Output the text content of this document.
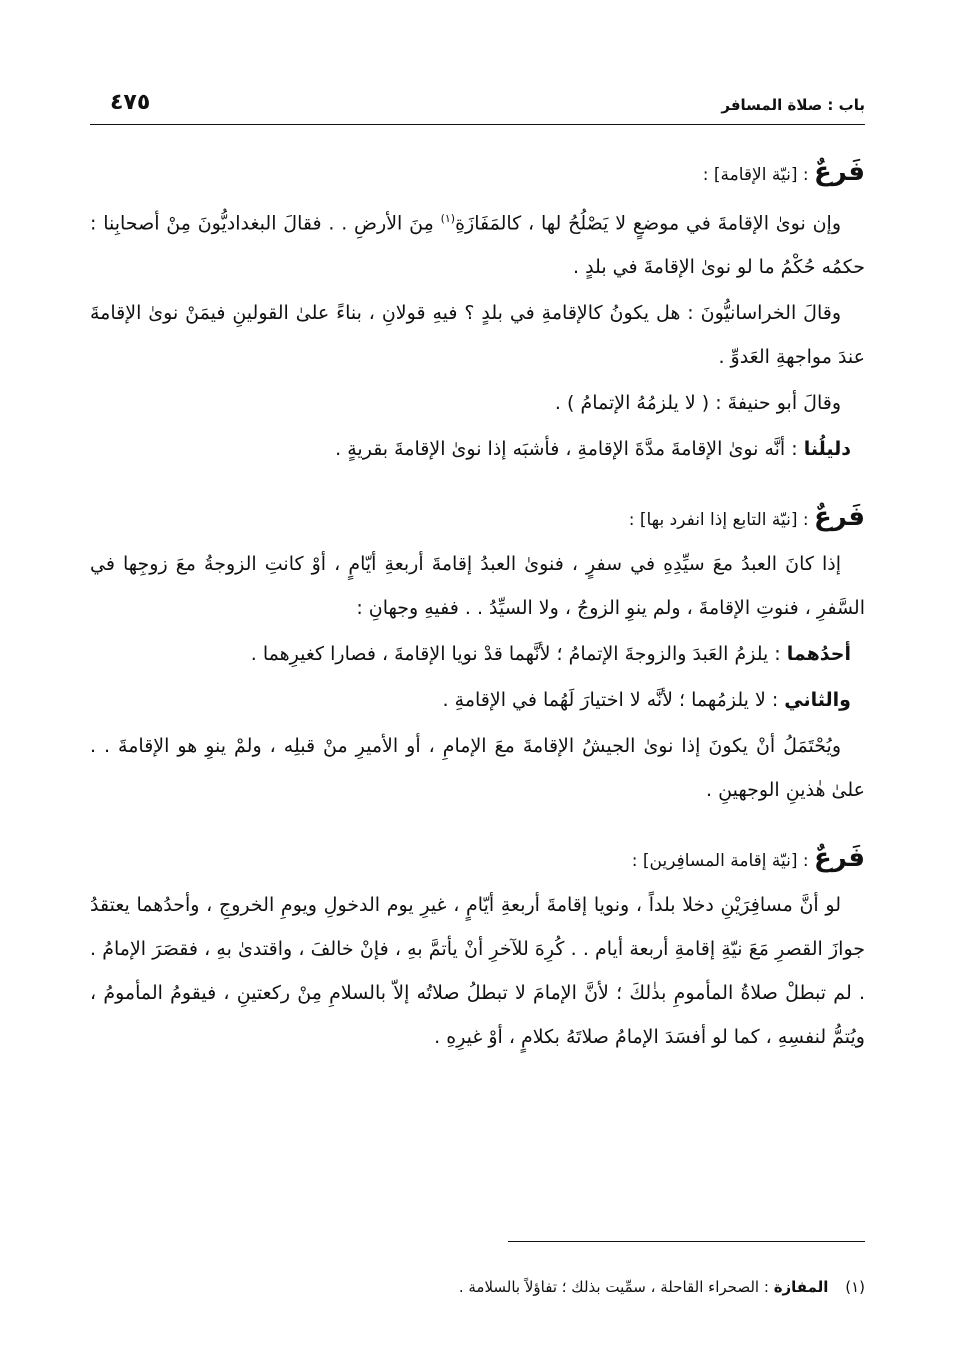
باب : صلاة المسافر
٤٧٥

فَرعٌ : [نيّة الإقامة] :

وإن نوىٰ الإقامةَ في موضعٍ لا يَصْلُحُ لها ، كالمَفَازَةِ$^{(١)}$ مِنَ الأرضِ . . فقالَ البغداديُّونَ مِنْ أصحابِنا : حكمُه حُكْمُ ما لو نوىٰ الإقامةَ في بلدٍ .

وقالَ الخراسانيُّونَ : هل يكونُ كالإقامةِ في بلدٍ ؟ فيهِ قولانِ ، بناءً علىٰ القولينِ فيمَنْ نوىٰ الإقامةَ عندَ مواجهةِ العَدوِّ .

وقالَ أبو حنيفةَ : ( لا يلزمُهُ الإتمامُ ) .

دليلُنا : أنَّه نوىٰ الإقامةَ مدَّةَ الإقامةِ ، فأشبَه إذا نوىٰ الإقامةَ بقريةٍ .

فَرعٌ : [نيّة التابع إذا انفرد بها] :

إذا كانَ العبدُ معَ سيِّدِهِ في سفرٍ ، فنوىٰ العبدُ إقامةَ أربعةِ أيّامٍ ، أوْ كانتِ الزوجةُ معَ زوجِها في السَّفرِ ، فنوتِ الإقامةَ ، ولم ينوِ الزوجُ ، ولا السيِّدُ . . ففيهِ وجهانِ :

أحدُهما : يلزمُ العَبدَ والزوجةَ الإتمامُ ؛ لأنَّهما قدْ نويا الإقامةَ ، فصارا كغيرِهما .

والثاني : لا يلزمُهما ؛ لأنَّه لا اختيارَ لَهُما في الإقامةِ .

ويُحْتَمَلُ أنْ يكونَ إذا نوىٰ الجيشُ الإقامةَ معَ الإمامِ ، أو الأميرِ منْ قبلِه ، ولمْ ينوِ هو الإقامةَ . . علىٰ هٰذينِ الوجهينِ .

فَرعٌ : [نيّة إقامة المسافِرين] :

لو أنَّ مسافِرَيْنِ دخلا بلداً ، ونويا إقامةَ أربعةِ أيّامٍ ، غيرِ يوم الدخولِ ويومِ الخروجِ ، وأحدُهما يعتقدُ جوازَ القصرِ مَعَ نيّةِ إقامةِ أربعة أيام . . كُرِهَ للآخرِ أنْ يأتمَّ بهِ ، فإنْ خالفَ ، واقتدىٰ بهِ ، فقصَرَ الإمامُ . . لم تبطلْ صلاةُ المأمومِ بذٰلكَ ؛ لأنَّ الإمامَ لا تبطلُ صلاتُه إلاّ بالسلامِ مِنْ ركعتينِ ، فيقومُ المأمومُ ، ويُتمُّ لنفسِهِ ، كما لو أفسَدَ الإمامُ صلاتَهُ بكلامٍ ، أوْ غيرِهِ .

(١) المفازة : الصحراء القاحلة ، سمِّيت بذلك ؛ تفاؤلاً بالسلامة .
